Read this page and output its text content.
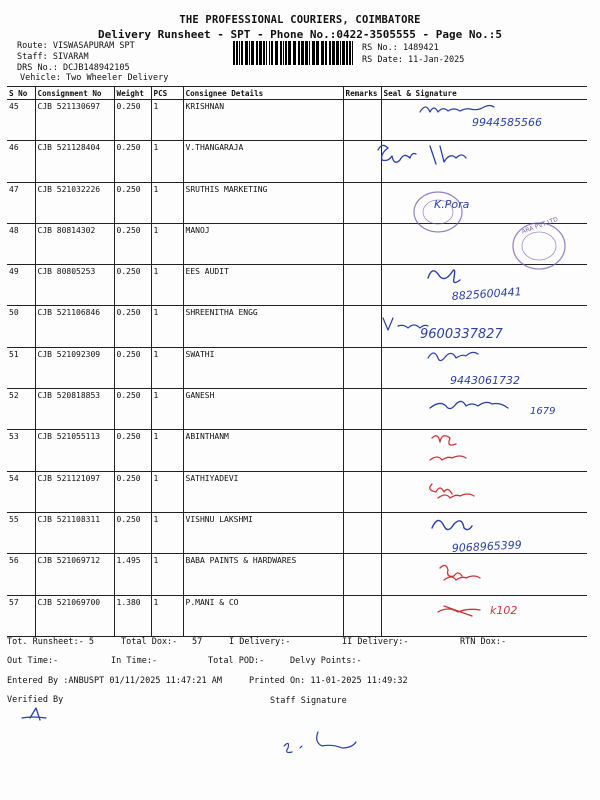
THE PROFESSIONAL COURIERS, COIMBATORE
Delivery Runsheet - SPT - Phone No.:0422-3505555 - Page No.:5
Route: VISWASAPURAM SPT
Staff: SIVARAM
DRS No.: DCJB148942105
Vehicle: Two Wheeler Delivery
RS No.: 1489421
RS Date: 11-Jan-2025
S No	Consignment No	Weight	PCS	Consignee Details	Remarks	Seal & Signature
45	CJB 521130697	0.250	1	KRISHNAN		
46	CJB 521128404	0.250	1	V.THANGARAJA		
47	CJB 521032226	0.250	1	SRUTHIS MARKETING		
48	CJB 80814302	0.250	1	MANOJ		
49	CJB 80805253	0.250	1	EES AUDIT		
50	CJB 521106846	0.250	1	SHREENITHA ENGG		
51	CJB 521092309	0.250	1	SWATHI		
52	CJB 520818853	0.250	1	GANESH		
53	CJB 521055113	0.250	1	ABINTHANM		
54	CJB 521121097	0.250	1	SATHIYADEVI		
55	CJB 521108311	0.250	1	VISHNU LAKSHMI		
56	CJB 521069712	1.495	1	BABA PAINTS & HARDWARES		
57	CJB 521069700	1.380	1	P.MANI & CO		
Tot. Runsheet:- 5	Total Dox:- 57	I Delivery:-	II Delivery:-	RTN Dox:-
Out Time:-	In Time:-	Total POD:-	Delvy Points:-
Entered By :ANBUSPT 01/11/2025 11:47:21 AM	Printed On: 11-01-2025 11:49:32
Verified By	Staff Signature
9944585566
K.Pora
ARA PVT LTD
8825600441
9600337827
9443061732
1679
9068965399
k102
